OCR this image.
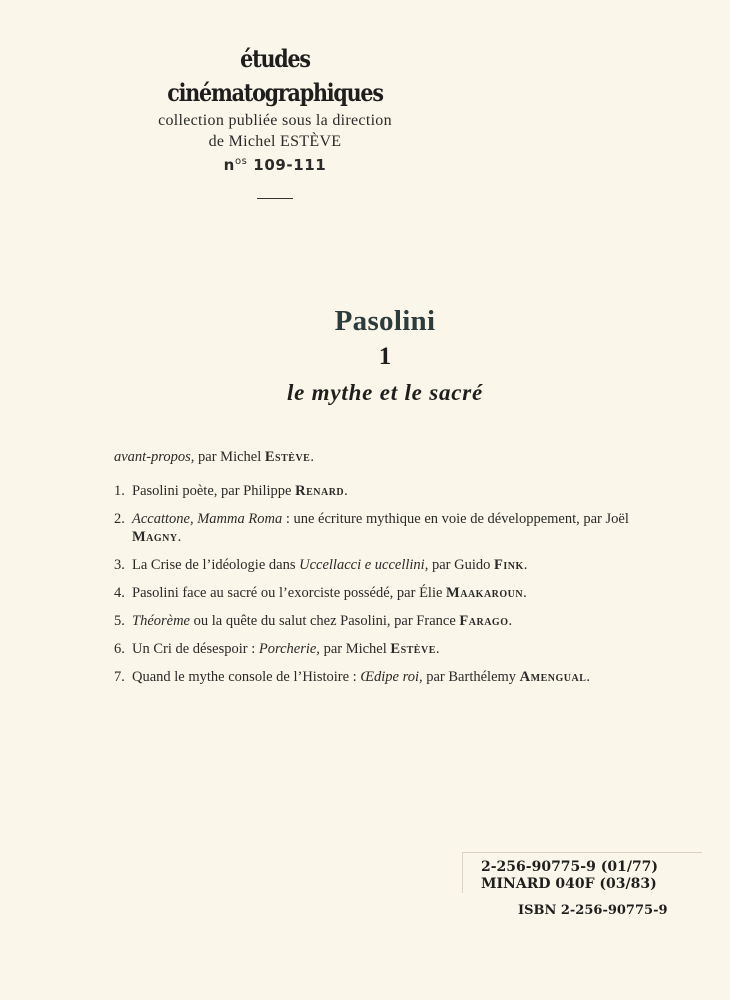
études cinématographiques
collection publiée sous la direction
de Michel ESTÈVE
$n^{os}$ 109-111
Pasolini
1
le mythe et le sacré
avant-propos, par Michel Estève.
1. Pasolini poète, par Philippe Renard.
2. Accattone, Mamma Roma : une écriture mythique en voie de développement, par Joël Magny.
3. La Crise de l’idéologie dans Uccellacci e uccellini, par Guido Fink.
4. Pasolini face au sacré ou l’exorciste possédé, par Élie Maakaroun.
5. Théorème ou la quête du salut chez Pasolini, par France Farago.
6. Un Cri de désespoir : Porcherie, par Michel Estève.
7. Quand le mythe console de l’Histoire : Œdipe roi, par Barthélemy Amengual.
2-256-90775-9 (01/77)
MINARD 040F (03/83)
ISBN 2-256-90775-9
